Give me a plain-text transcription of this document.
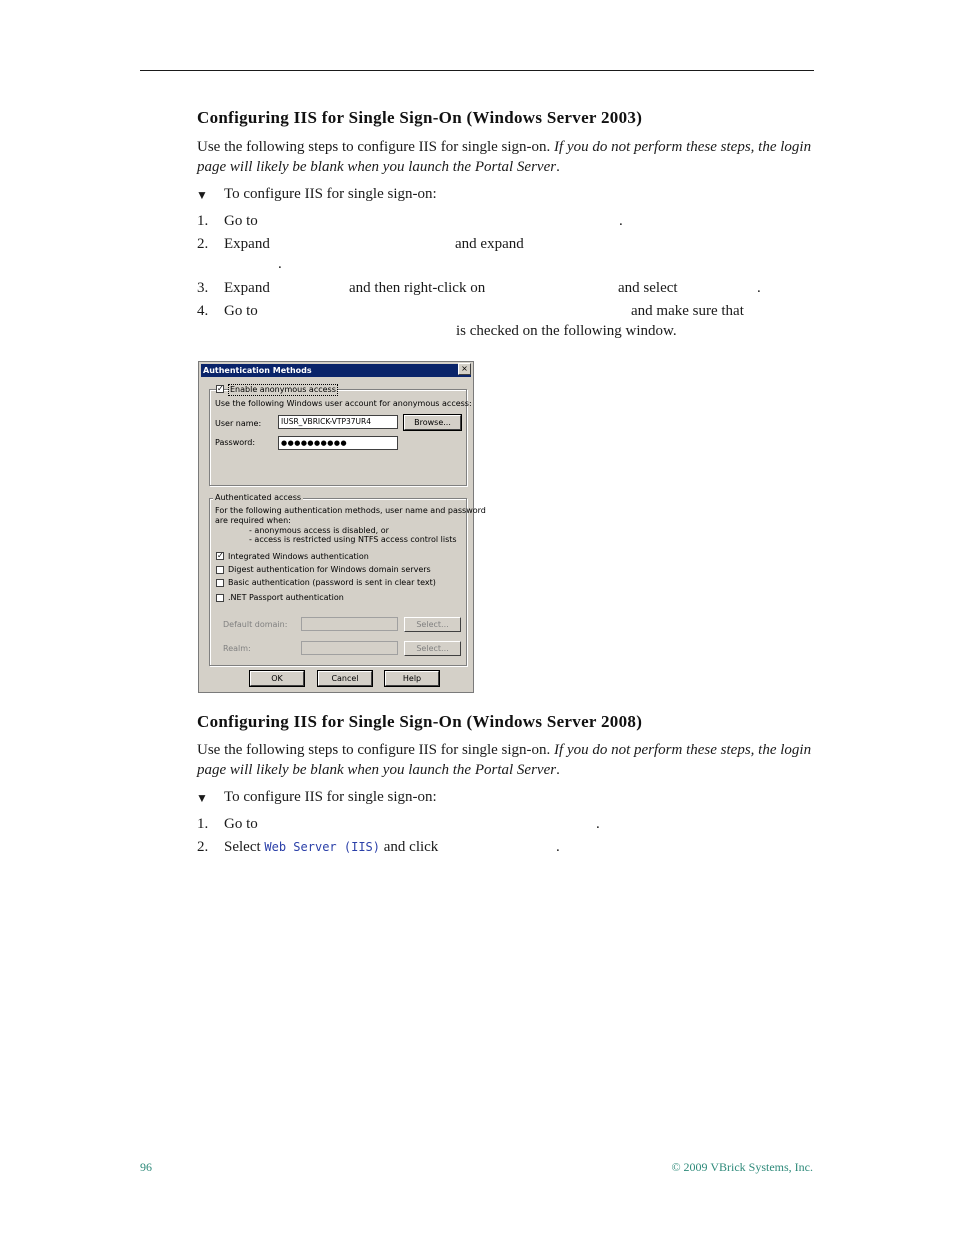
Configuring IIS for Single Sign-On (Windows Server 2003)

Use the following steps to configure IIS for single sign-on. If you do not perform these steps, the login page will likely be blank when you launch the Portal Server.

▼ To configure IIS for single sign-on:
1. Go to	.
2. Expand	and expand
.
3. Expand	and then right-click on	and select	.
4. Go to	and make sure that
is checked on the following window.
Authentication Methods	×
✓ Enable anonymous access
Use the following Windows user account for anonymous access:
User name:	IUSR_VBRICK-VTP37UR4	Browse...
Password:	●●●●●●●●●●
Authenticated access
For the following authentication methods, user name and password
are required when:
- anonymous access is disabled, or
- access is restricted using NTFS access control lists
✓ Integrated Windows authentication
Digest authentication for Windows domain servers
Basic authentication (password is sent in clear text)
.NET Passport authentication
Default domain:	Select...
Realm:	Select...
OK	Cancel	Help
Configuring IIS for Single Sign-On (Windows Server 2008)

Use the following steps to configure IIS for single sign-on. If you do not perform these steps, the login page will likely be blank when you launch the Portal Server.

▼ To configure IIS for single sign-on:
1. Go to	.
2. Select Web Server (IIS) and click	.
96	© 2009 VBrick Systems, Inc.
